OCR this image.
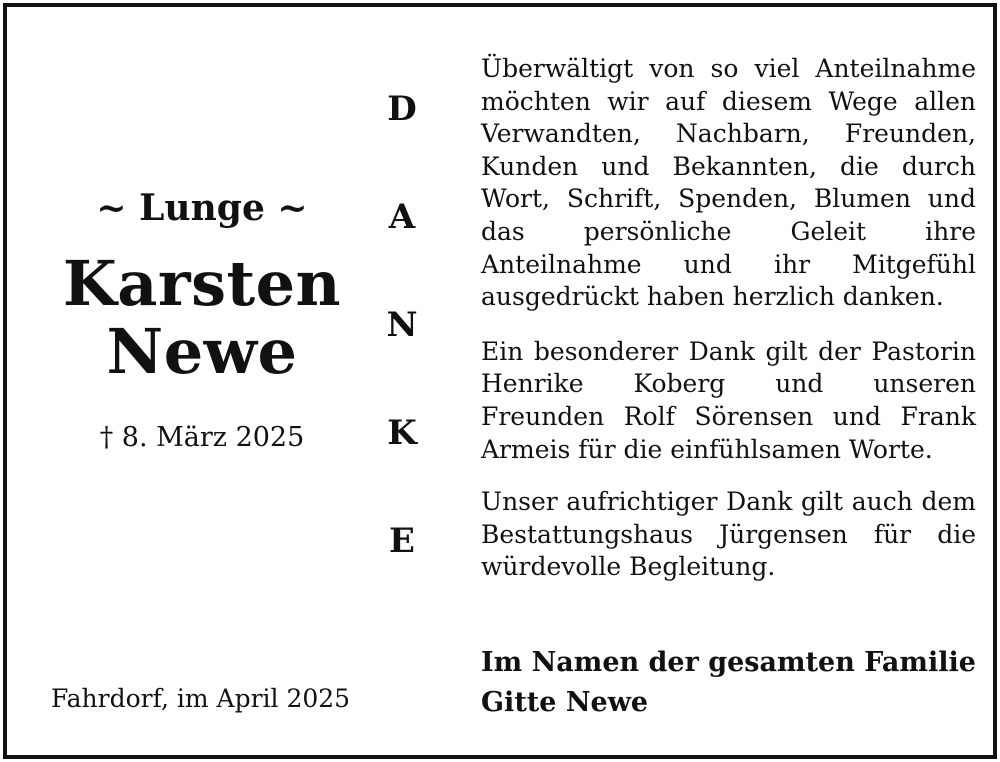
~ Lunge ~
Karsten
Newe
† 8. März 2025
Fahrdorf, im April 2025
D
A
N
K
E

Überwältigt von so viel Anteilnahme möchten wir auf diesem Wege allen Verwandten, Nachbarn, Freunden, Kunden und Bekannten, die durch Wort, Schrift, Spenden, Blumen und das persönliche Geleit ihre Anteilnahme und ihr Mitgefühl ausgedrückt haben herzlich danken.

Ein besonderer Dank gilt der Pastorin Henrike Koberg und unseren Freunden Rolf Sörensen und Frank Armeis für die einfühlsamen Worte.

Unser aufrichtiger Dank gilt auch dem Bestattungshaus Jürgensen für die würdevolle Begleitung.

Im Namen der gesamten Familie
Gitte Newe
